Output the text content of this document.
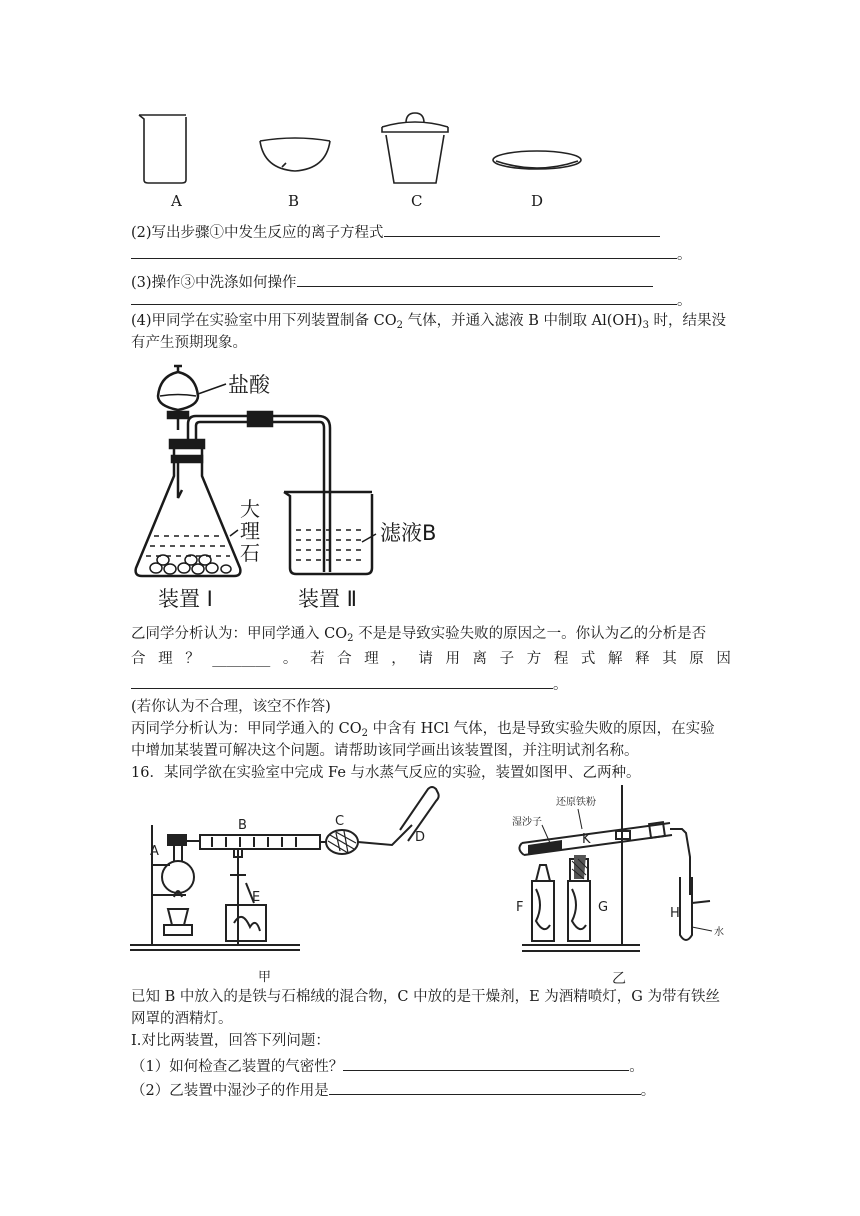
A	B	C	D
(2)写出步骤①中发生反应的离子方程式
。
(3)操作③中洗涤如何操作
。
(4)甲同学在实验室中用下列装置制备 $CO_2$ 气体，并通入滤液 B 中制取 $Al(OH)_3$ 时，结果没
有产生预期现象。
盐酸
大
理
石
滤液B
装置 Ⅰ	装置 Ⅱ
乙同学分析认为：甲同学通入 $CO_2$ 不是是导致实验失败的原因之一。你认为乙的分析是否
合 理 ？ ________ 。 若 合 理 ， 请 用 离 子 方 程 式 解 释 其 原 因
。
(若你认为不合理，该空不作答)
丙同学分析认为：甲同学通入的 $CO_2$ 中含有 HCl 气体，也是导致实验失败的原因，在实验
中增加某装置可解决这个问题。请帮助该同学画出该装置图，并注明试剂名称。
16．某同学欲在实验室中完成 Fe 与水蒸气反应的实验，装置如图甲、乙两种。
A
B	C
D
E
甲
湿沙子
还原铁粉
K
F	G	H
水
乙
已知 B 中放入的是铁与石棉绒的混合物，C 中放的是干燥剂，E 为酒精喷灯，G 为带有铁丝
网罩的酒精灯。
Ⅰ.对比两装置，回答下列问题：
（1）如何检查乙装置的气密性？	。
（2）乙装置中湿沙子的作用是	。
